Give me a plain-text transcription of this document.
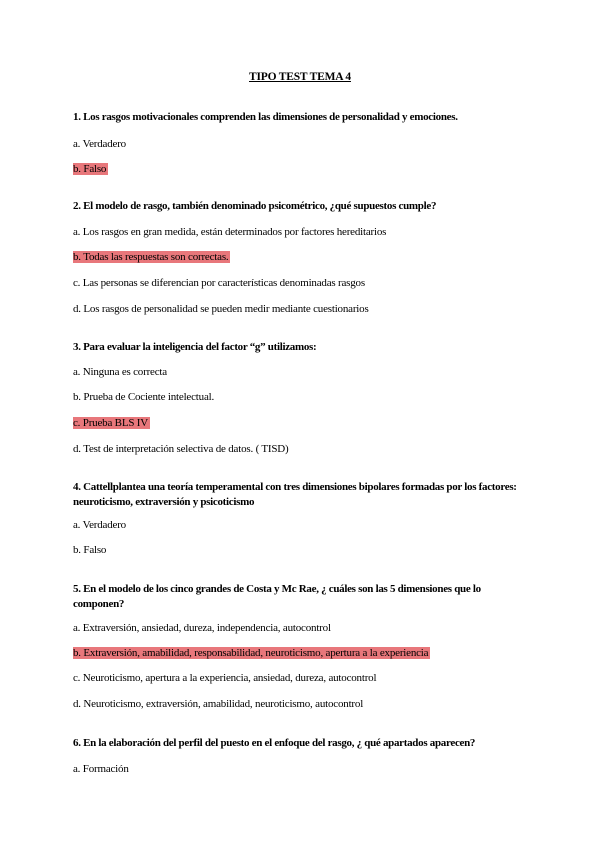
TIPO TEST TEMA 4
1. Los rasgos motivacionales comprenden las dimensiones de personalidad y emociones.
a. Verdadero
b. Falso
2. El modelo de rasgo, también denominado psicométrico, ¿qué supuestos cumple?
a. Los rasgos en gran medida, están determinados por factores hereditarios
b. Todas las respuestas son correctas.
c. Las personas se diferencian por características denominadas rasgos
d. Los rasgos de personalidad se pueden medir mediante cuestionarios
3. Para evaluar la inteligencia del factor “g” utilizamos:
a. Ninguna es correcta
b. Prueba de Cociente intelectual.
c. Prueba BLS IV
d. Test de interpretación selectiva de datos. ( TISD)
4. Cattellplantea una teoría temperamental con tres dimensiones bipolares formadas por los factores: neuroticismo, extraversión y psicoticismo
a. Verdadero
b. Falso
5. En el modelo de los cinco grandes de Costa y Mc Rae, ¿ cuáles son las 5 dimensiones que lo componen?
a. Extraversión, ansiedad, dureza, independencia, autocontrol
b. Extraversión, amabilidad, responsabilidad, neuroticismo, apertura a la experiencia
c. Neuroticismo, apertura a la experiencia, ansiedad, dureza, autocontrol
d. Neuroticismo, extraversión, amabilidad, neuroticismo, autocontrol
6. En la elaboración del perfil del puesto en el enfoque del rasgo, ¿ qué apartados aparecen?
a. Formación
